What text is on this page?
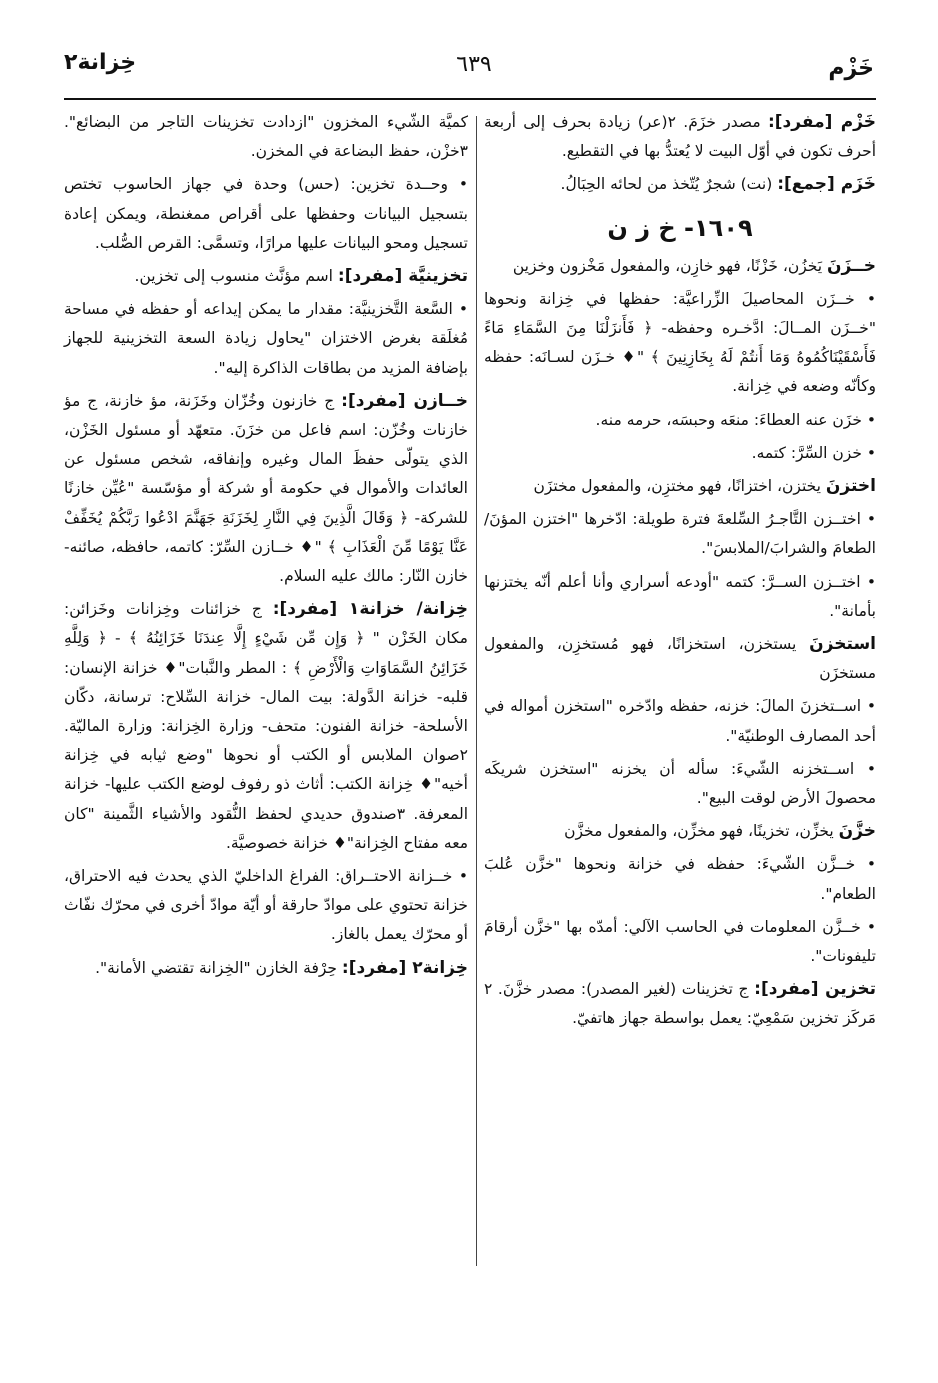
خَزْم
٦٣٩
خِزانة٢

خَزْم [مفرد]: مصدر خزَمَ. ٢(عر) زيادة بحرف إلى أربعة أحرف تكون في أوّل البيت لا يُعتدُّ بها في التقطيع.

خَزَم [جمع]: (نت) شجرٌ يُتّخذ من لحائه الحِبَالُ.

١٦٠٩- خ ز ن

خــزَنَ يَخزُن، خَزْنًا، فهو خازِن، والمفعول مَخْزون وخزين

• خــزَن المحاصيلَ الزِّراعيَّة: حفظها في خِزانة ونحوها "خــزَن المــالَ: ادَّخـره وحفظه- ﴿ فَأَنزَلْنَا مِنَ السَّمَاءِ مَاءً فَأَسْقَيْنَاكُمُوهُ وَمَا أَنتُمْ لَهُ بِخَازِنِينَ ﴾ "♦ خـزَن لسـانَه: حفظه وكأنّه وضعه في خِزانة.

• خزَن عنه العطاءَ: منعَه وحبسَه، حرمه منه.

• خزن السِّرَّ: كتمه.

اختزنَ يختزن، اختزانًا، فهو مختزِن، والمفعول مختزَن

• اختــزن التَّاجـرُ السِّلعةَ فترة طويلة: ادّخرها "اختزن المؤنَ/ الطعامَ والشرابَ/الملابسَ".

• اختــزن الســرَّ: كتمه "أودعه أسراري وأنا أعلم أنّه يختزنها بأمانة".

استخزنَ يستخزن، استخزانًا، فهو مُستخزِن، والمفعول مستخزَن

• اســتخزنَ المالَ: خزنه، حفظه وادّخره "استخزن أمواله في أحد المصارف الوطنيّة".

• اســتخزنه الشّيءَ: سأله أن يخزنه "استخزن شريكَه محصولَ الأرض لوقت البيع".

خزَّنَ يخزِّن، تخزينًا، فهو مخزِّن، والمفعول مخزَّن

• خــزَّن الشّيءَ: حفظه في خزانة ونحوها "خزَّن عُلبَ الطعام".

• خــزَّن المعلومات في الحاسب الآلي: أمدّه بها "خزَّن أرقامَ تليفونات".

تخزين [مفرد]: ج تخزينات (لغير المصدر): مصدر خزَّنَ. ٢ مَركَز تخزين سَمْعِيّ: يعمل بواسطة جهاز هاتفيّ.

كميَّة الشّيء المخزون "ازدادت تخزينات التاجر من البضائع". ٣خزْن، حفظ البضاعة في المخزن.

• وحــدة تخزين: (حس) وحدة في جهاز الحاسوب تختص بتسجيل البيانات وحفظها على أقراص ممغنطة، ويمكن إعادة تسجيل ومحو البيانات عليها مرارًا، وتسمَّى: القرص الصُّلب.

تخزينيَّة [مفرد]: اسم مؤنَّث منسوب إلى تخزين.

• السَّعة التَّخزينيَّة: مقدار ما يمكن إيداعه أو حفظه في مساحة مُغلَقة بغرض الاختزان "يحاول زيادة السعة التخزينية للجهاز بإضافة المزيد من بطاقات الذاكرة إليه".

خــازن [مفرد]: ج خازنون وخُزّان وخَزَنة، مؤ خازنة، ج مؤ خازنات وخُزّن: اسم فاعل من خزَنَ. متعهّد أو مسئول الخَزْن، الذي يتولّى حفظَ المال وغيره وإنفاقه، شخص مسئول عن العائدات والأموال في حكومة أو شركة أو مؤسّسة "عُيِّن خازنًا للشركة- ﴿ وَقَالَ الَّذِينَ فِي النَّارِ لِخَزَنَةِ جَهَنَّمَ ادْعُوا رَبَّكُمْ يُخَفِّفْ عَنَّا يَوْمًا مِّنَ الْعَذَابِ ﴾ "♦ خــازن السِّرّ: كاتمه، حافظه، صائنه- خازن النّار: مالك عليه السلام.

خِزانة/ خزانة١ [مفرد]: ج خزائنات وخِزانات وخَزائن: مكان الخَزْن " ﴿ وَإِن مِّن شَيْءٍ إِلَّا عِندَنَا خَزَائِنُهُ ﴾ - ﴿ وَلِلَّهِ خَزَائِنُ السَّمَاوَاتِ وَالْأَرْضِ ﴾ : المطر والنَّبات"♦ خزانة الإنسان: قلبه- خزانة الدَّولة: بيت المال- خزانة السِّلاح: ترسانة، دكّان الأسلحة- خزانة الفنون: متحف- وزارة الخِزانة: وزارة الماليّة. ٢صوان الملابس أو الكتب أو نحوها "وضع ثيابه في خِزانة أخيه"♦ خِزانة الكتب: أثاث ذو رفوف لوضع الكتب عليها- خزانة المعرفة. ٣صندوق حديدي لحفظ النُّقود والأشياء الثَّمينة "كان معه مفتاح الخِزانة"♦ خزانة خصوصيَّة.

• خــزانة الاحتــراق: الفراغ الداخليّ الذي يحدث فيه الاحتراق، خزانة تحتوي على موادّ حارقة أو أيّة موادّ أخرى في محرّك نفّاث أو محرّك يعمل بالغاز.

خِزانة٢ [مفرد]: حِرْفة الخازن "الخِزانة تقتضي الأمانة".
